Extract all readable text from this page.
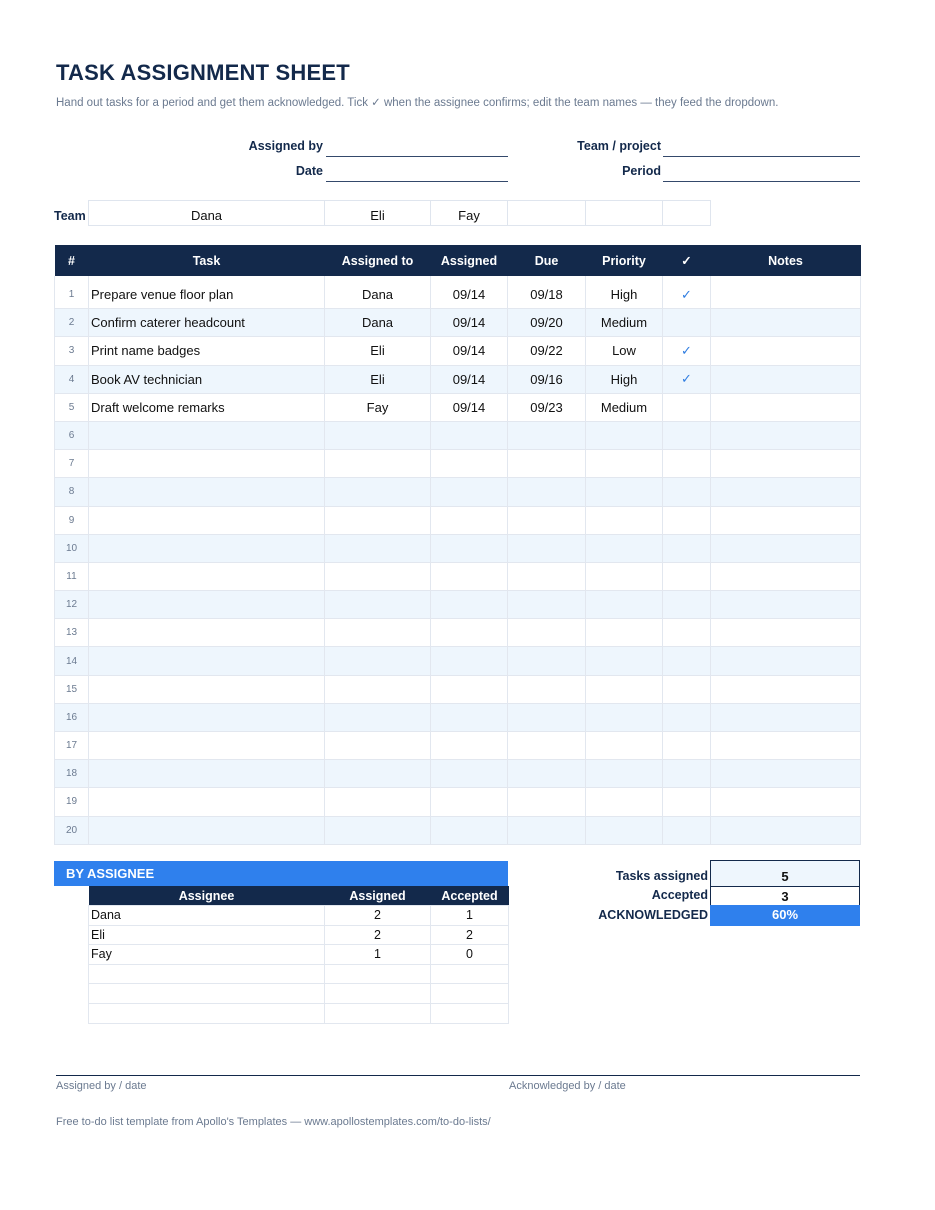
TASK ASSIGNMENT SHEET
Hand out tasks for a period and get them acknowledged. Tick ✓ when the assignee confirms; edit the team names — they feed the dropdown.
Assigned by
Date
Team / project
Period
Team	Dana	Eli	Fay
#	Task	Assigned to	Assigned	Due	Priority	✓	Notes
1	Prepare venue floor plan	Dana	09/14	09/18	High	✓	
2	Confirm caterer headcount	Dana	09/14	09/20	Medium		
3	Print name badges	Eli	09/14	09/22	Low	✓	
4	Book AV technician	Eli	09/14	09/16	High	✓	
5	Draft welcome remarks	Fay	09/14	09/23	Medium		
6							
7							
8							
9							
10							
11							
12							
13							
14							
15							
16							
17							
18							
19							
20							
BY ASSIGNEE
Assignee	Assigned	Accepted
Dana	2	1
Eli	2	2
Fay	1	0

Tasks assigned	5
Accepted	3
ACKNOWLEDGED	60%
Assigned by / date	Acknowledged by / date
Free to-do list template from Apollo's Templates — www.apollostemplates.com/to-do-lists/
